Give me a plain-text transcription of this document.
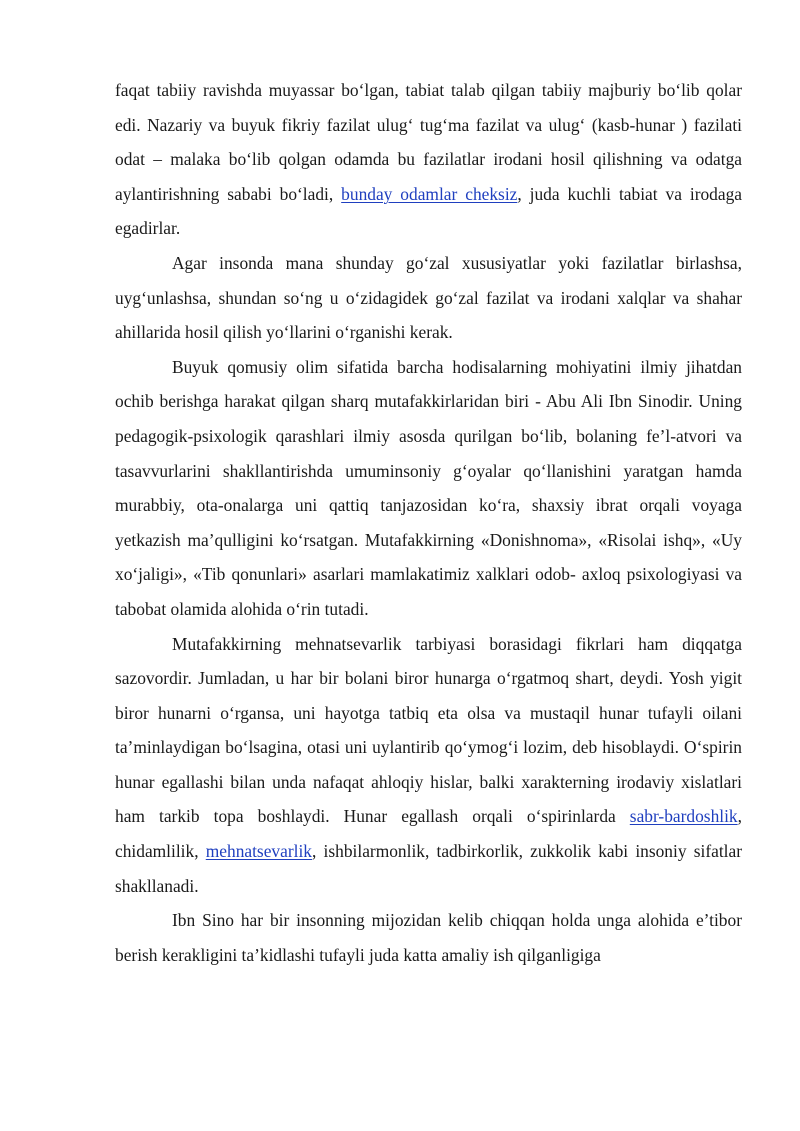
faqat tabiiy ravishda muyassar bo‘lgan, tabiat talab qilgan tabiiy majburiy bo‘lib qolar edi. Nazariy va buyuk fikriy fazilat ulug‘ tug‘ma fazilat va ulug‘ (kasb-hunar ) fazilati odat – malaka bo‘lib qolgan odamda bu fazilatlar irodani hosil qilishning va odatga aylantirishning sababi bo‘ladi, bunday odamlar cheksiz, juda kuchli tabiat va irodaga egadirlar.

Agar insonda mana shunday go‘zal xususiyatlar yoki fazilatlar birlashsa, uyg‘unlashsa, shundan so‘ng u o‘zidagidek go‘zal fazilat va irodani xalqlar va shahar ahillarida hosil qilish yo‘llarini o‘rganishi kerak.

Buyuk qomusiy olim sifatida barcha hodisalarning mohiyatini ilmiy jihatdan ochib berishga harakat qilgan sharq mutafakkirlaridan biri - Abu Ali Ibn Sinodir. Uning pedagogik-psixologik qarashlari ilmiy asosda qurilgan bo‘lib, bolaning fe’l-atvori va tasavvurlarini shakllantirishda umuminsoniy g‘oyalar qo‘llanishini yaratgan hamda murabbiy, ota-onalarga uni qattiq tanjazosidan ko‘ra, shaxsiy ibrat orqali voyaga yetkazish ma’qulligini ko‘rsatgan. Mutafakkirning «Donishnoma», «Risolai ishq», «Uy xo‘jaligi», «Tib qonunlari» asarlari mamlakatimiz xalklari odob- axloq psixologiyasi va tabobat olamida alohida o‘rin tutadi.

Mutafakkirning mehnatsevarlik tarbiyasi borasidagi fikrlari ham diqqatga sazovordir. Jumladan, u har bir bolani biror hunarga o‘rgatmoq shart, deydi. Yosh yigit biror hunarni o‘rgansa, uni hayotga tatbiq eta olsa va mustaqil hunar tufayli oilani ta’minlaydigan bo‘lsagina, otasi uni uylantirib qo‘ymog‘i lozim, deb hisoblaydi. O‘spirin hunar egallashi bilan unda nafaqat ahloqiy hislar, balki xarakterning irodaviy xislatlari ham tarkib topa boshlaydi. Hunar egallash orqali o‘spirinlarda sabr-bardoshlik, chidamlilik, mehnatsevarlik, ishbilarmonlik, tadbirkorlik, zukkolik kabi insoniy sifatlar shakllanadi.

Ibn Sino har bir insonning mijozidan kelib chiqqan holda unga alohida e’tibor berish kerakligini ta’kidlashi tufayli juda katta amaliy ish qilganligiga
